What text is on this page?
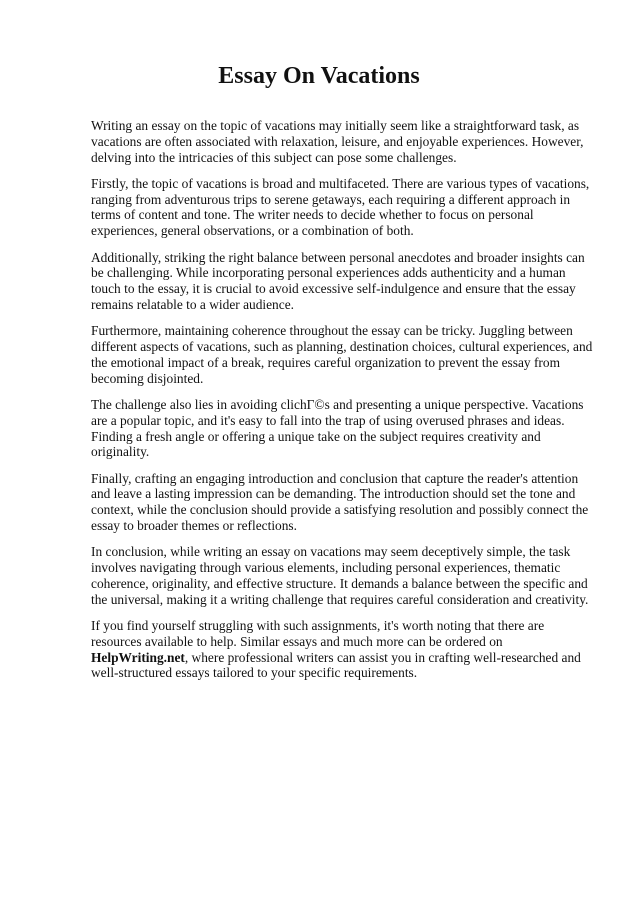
Essay On Vacations

Writing an essay on the topic of vacations may initially seem like a straightforward task, as vacations are often associated with relaxation, leisure, and enjoyable experiences. However, delving into the intricacies of this subject can pose some challenges.

Firstly, the topic of vacations is broad and multifaceted. There are various types of vacations, ranging from adventurous trips to serene getaways, each requiring a different approach in terms of content and tone. The writer needs to decide whether to focus on personal experiences, general observations, or a combination of both.

Additionally, striking the right balance between personal anecdotes and broader insights can be challenging. While incorporating personal experiences adds authenticity and a human touch to the essay, it is crucial to avoid excessive self-indulgence and ensure that the essay remains relatable to a wider audience.

Furthermore, maintaining coherence throughout the essay can be tricky. Juggling between different aspects of vacations, such as planning, destination choices, cultural experiences, and the emotional impact of a break, requires careful organization to prevent the essay from becoming disjointed.

The challenge also lies in avoiding clichГ©s and presenting a unique perspective. Vacations are a popular topic, and it's easy to fall into the trap of using overused phrases and ideas. Finding a fresh angle or offering a unique take on the subject requires creativity and originality.

Finally, crafting an engaging introduction and conclusion that capture the reader's attention and leave a lasting impression can be demanding. The introduction should set the tone and context, while the conclusion should provide a satisfying resolution and possibly connect the essay to broader themes or reflections.

In conclusion, while writing an essay on vacations may seem deceptively simple, the task involves navigating through various elements, including personal experiences, thematic coherence, originality, and effective structure. It demands a balance between the specific and the universal, making it a writing challenge that requires careful consideration and creativity.

If you find yourself struggling with such assignments, it's worth noting that there are resources available to help. Similar essays and much more can be ordered on HelpWriting.net, where professional writers can assist you in crafting well-researched and well-structured essays tailored to your specific requirements.
